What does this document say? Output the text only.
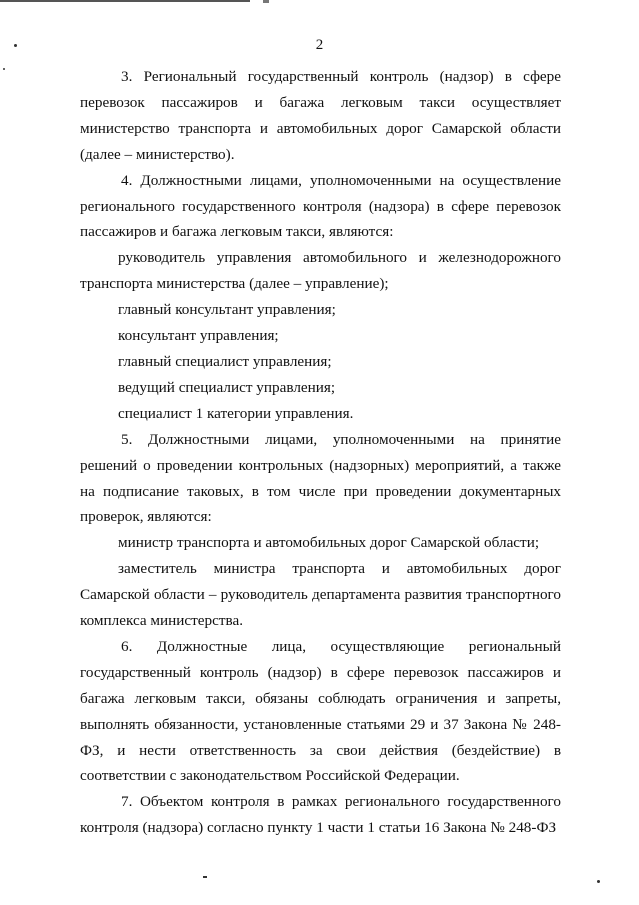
2

3. Региональный государственный контроль (надзор) в сфере перевозок пассажиров и багажа легковым такси осуществляет министерство транспорта и автомобильных дорог Самарской области (далее – министерство).

4. Должностными лицами, уполномоченными на осуществление регионального государственного контроля (надзора) в сфере перевозок пассажиров и багажа легковым такси, являются:

руководитель управления автомобильного и железнодорожного транспорта министерства (далее – управление);

главный консультант управления;

консультант управления;

главный специалист управления;

ведущий специалист управления;

специалист 1 категории управления.

5. Должностными лицами, уполномоченными на принятие решений о проведении контрольных (надзорных) мероприятий, а также на подписание таковых, в том числе при проведении документарных проверок, являются:

министр транспорта и автомобильных дорог Самарской области;

заместитель министра транспорта и автомобильных дорог Самарской области – руководитель департамента развития транспортного комплекса министерства.

6. Должностные лица, осуществляющие региональный государственный контроль (надзор) в сфере перевозок пассажиров и багажа легковым такси, обязаны соблюдать ограничения и запреты, выполнять обязанности, установленные статьями 29 и 37 Закона № 248-ФЗ, и нести ответственность за свои действия (бездействие) в соответствии с законодательством Российской Федерации.

7. Объектом контроля в рамках регионального государственного контроля (надзора) согласно пункту 1 части 1 статьи 16 Закона № 248-ФЗ
